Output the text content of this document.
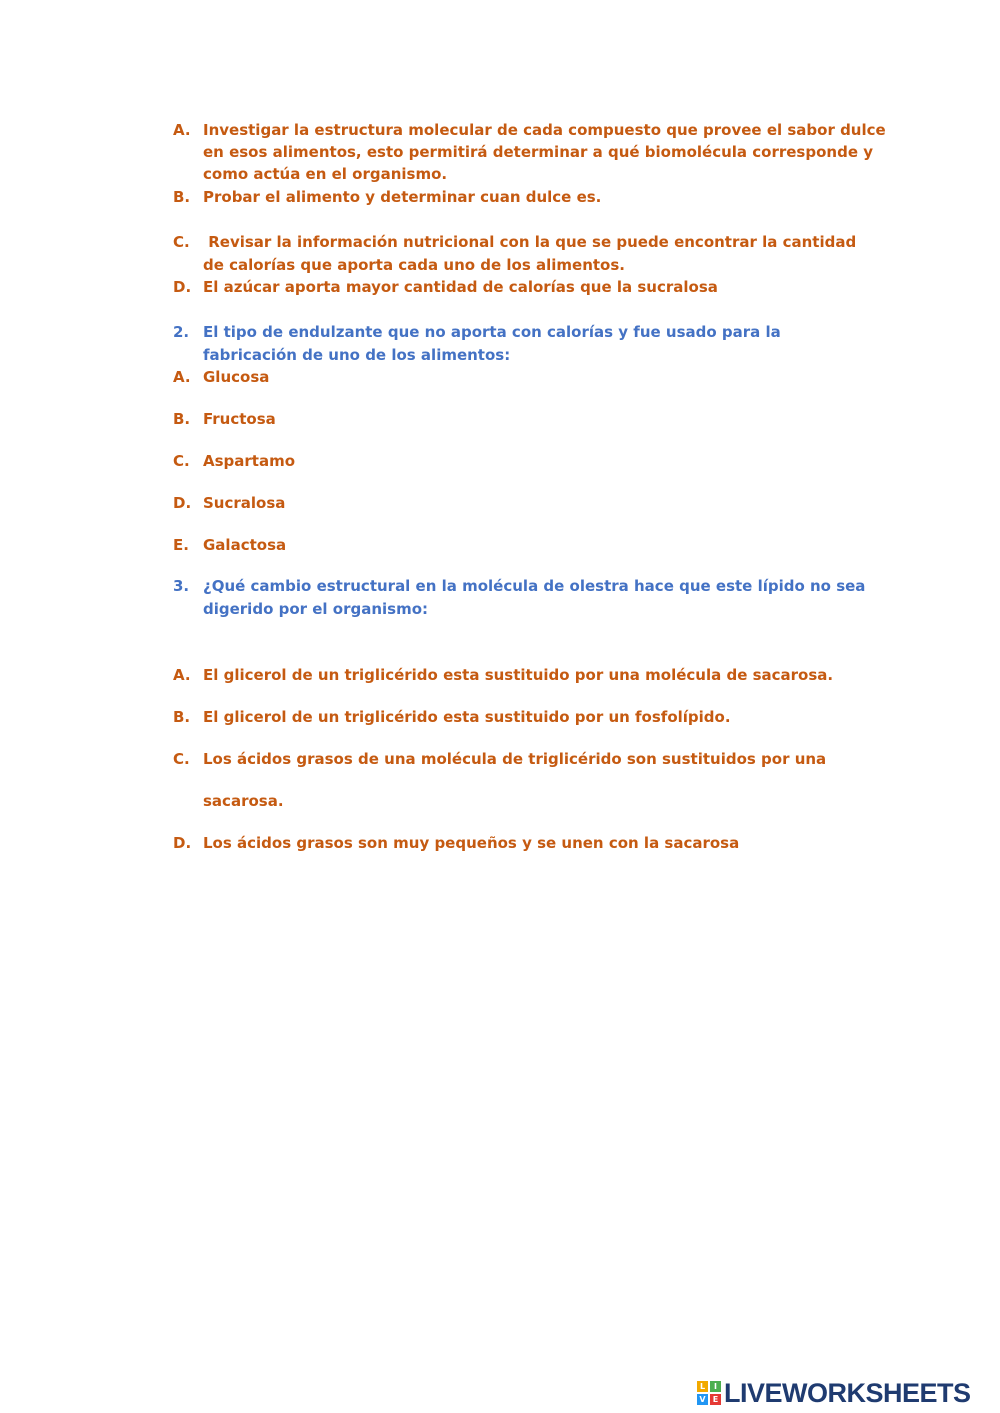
A. Investigar la estructura molecular de cada compuesto que provee el sabor dulce
en esos alimentos, esto permitirá determinar a qué biomolécula corresponde y
como actúa en el organismo.
B. Probar el alimento y determinar cuan dulce es.
C. Revisar la información nutricional con la que se puede encontrar la cantidad
de calorías que aporta cada uno de los alimentos.
D. El azúcar aporta mayor cantidad de calorías que la sucralosa
2. El tipo de endulzante que no aporta con calorías y fue usado para la
fabricación de uno de los alimentos:
A. Glucosa
B. Fructosa
C. Aspartamo
D. Sucralosa
E. Galactosa
3. ¿Qué cambio estructural en la molécula de olestra hace que este lípido no sea
digerido por el organismo:
A. El glicerol de un triglicérido esta sustituido por una molécula de sacarosa.
B. El glicerol de un triglicérido esta sustituido por un fosfolípido.
C. Los ácidos grasos de una molécula de triglicérido son sustituidos por una
sacarosa.
D. Los ácidos grasos son muy pequeños y se unen con la sacarosa
L	I
V E LIVEWORKSHEETS
